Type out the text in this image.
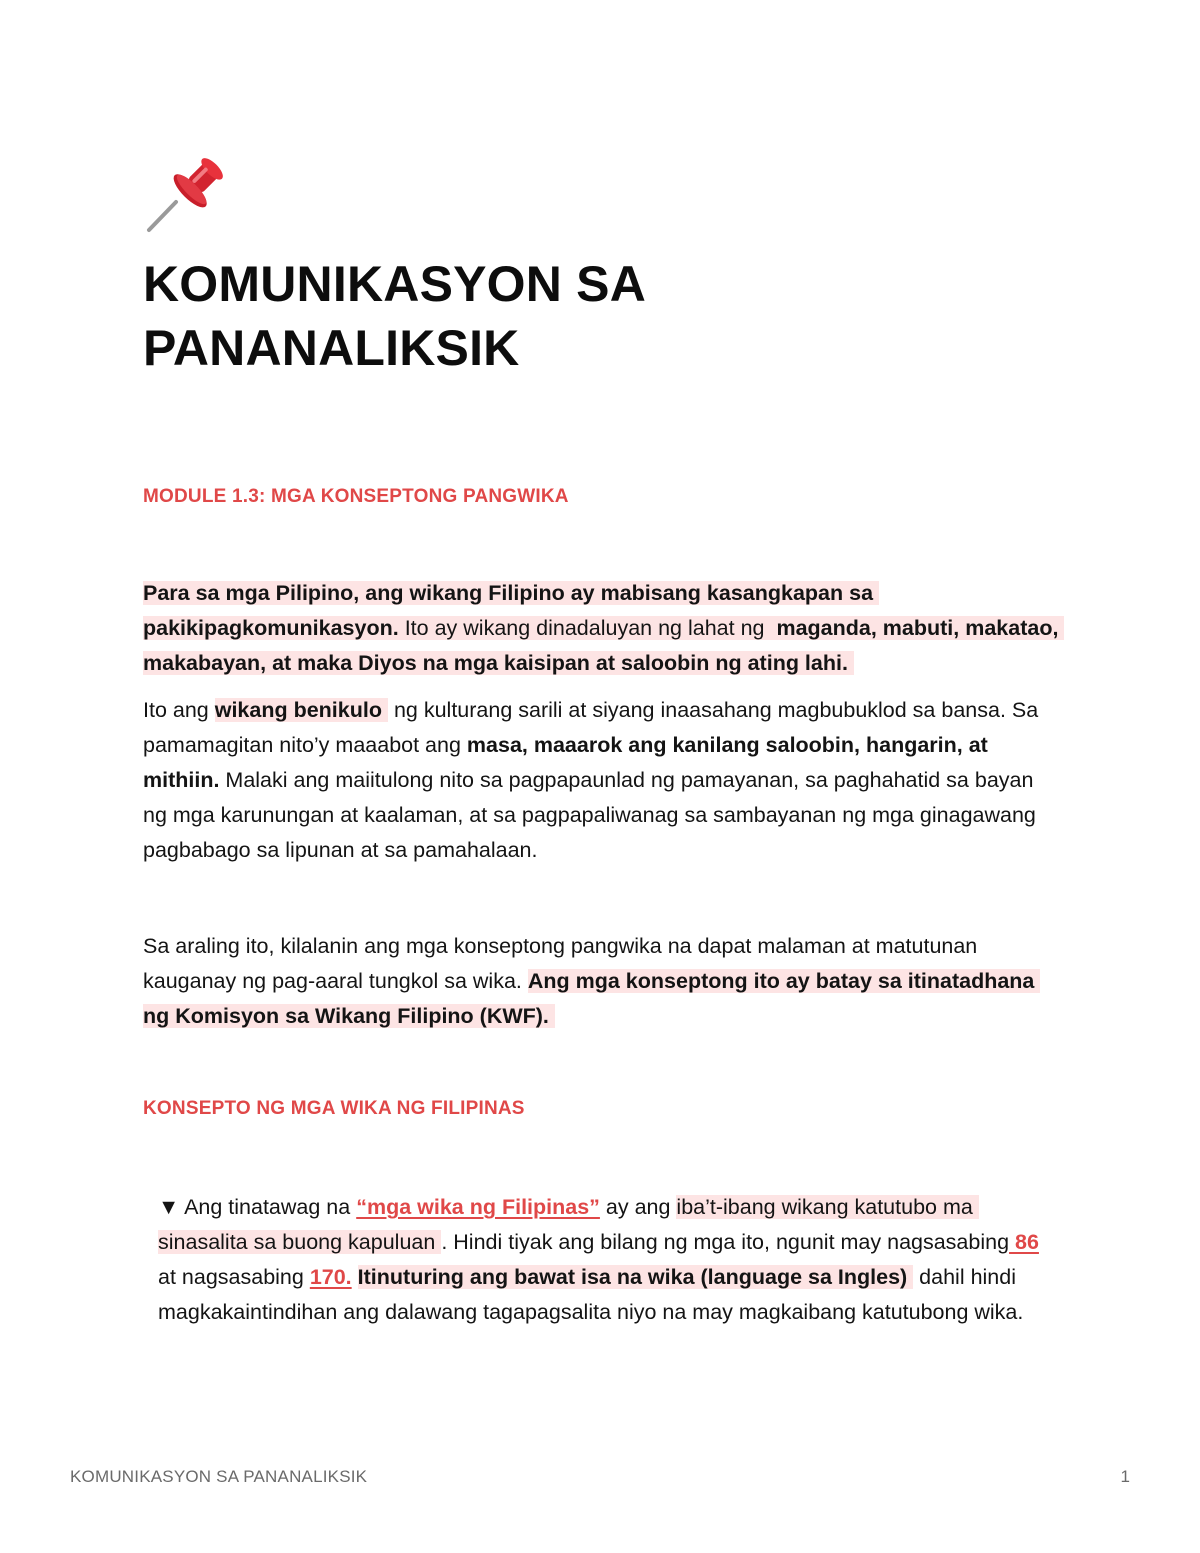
KOMUNIKASYON SA
PANANALIKSIK

MODULE 1.3: MGA KONSEPTONG PANGWIKA

Para sa mga Pilipino, ang wikang Filipino ay mabisang kasangkapan sa pakikipagkomunikasyon. Ito ay wikang dinadaluyan ng lahat ng maganda, mabuti, makatao, makabayan, at maka Diyos na mga kaisipan at saloobin ng ating lahi.

Ito ang wikang benikulo ng kulturang sarili at siyang inaasahang magbubuklod sa bansa. Sa pamamagitan nito’y maaabot ang masa, maaarok ang kanilang saloobin, hangarin, at mithiin. Malaki ang maiitulong nito sa pagpapaunlad ng pamayanan, sa paghahatid sa bayan ng mga karunungan at kaalaman, at sa pagpapaliwanag sa sambayanan ng mga ginagawang pagbabago sa lipunan at sa pamahalaan.

Sa araling ito, kilalanin ang mga konseptong pangwika na dapat malaman at matutunan kauganay ng pag-aaral tungkol sa wika. Ang mga konseptong ito ay batay sa itinatadhana ng Komisyon sa Wikang Filipino (KWF).

KONSEPTO NG MGA WIKA NG FILIPINAS

▼ Ang tinatawag na “mga wika ng Filipinas” ay ang iba’t-ibang wikang katutubo ma sinasalita sa buong kapuluan . Hindi tiyak ang bilang ng mga ito, ngunit may nagsasabing 86 at nagsasabing 170. Itinuturing ang bawat isa na wika (language sa Ingles) dahil hindi magkakaintindihan ang dalawang tagapagsalita niyo na may magkaibang katutubong wika.

KOMUNIKASYON SA PANANALIKSIK	1
